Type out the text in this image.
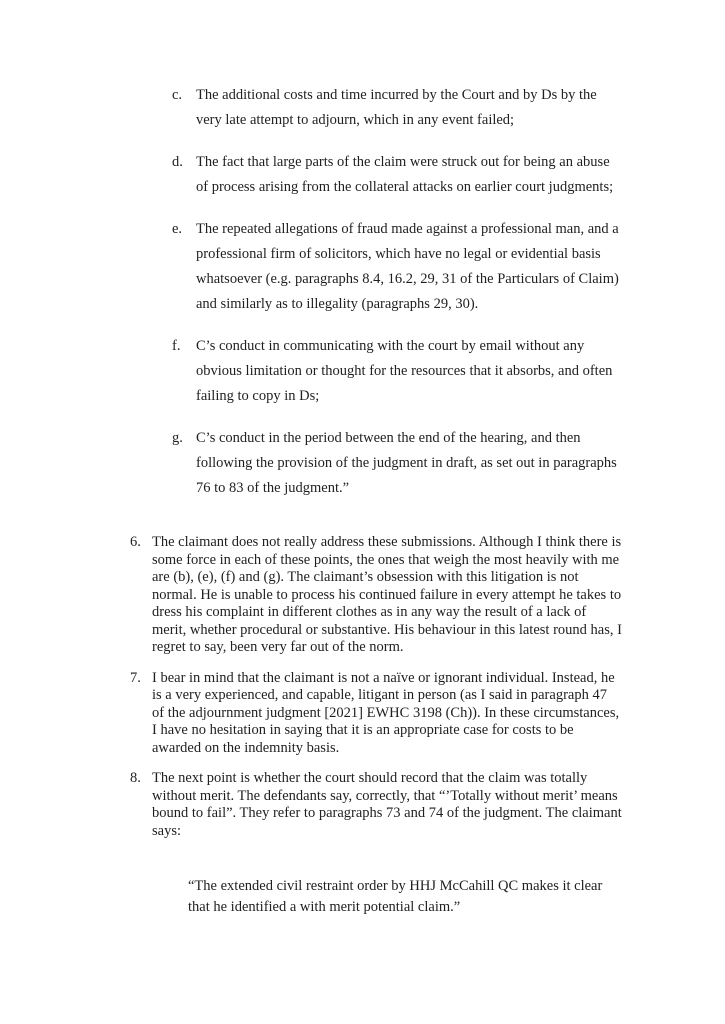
c. The additional costs and time incurred by the Court and by Ds by the very late attempt to adjourn, which in any event failed;
d. The fact that large parts of the claim were struck out for being an abuse of process arising from the collateral attacks on earlier court judgments;
e. The repeated allegations of fraud made against a professional man, and a professional firm of solicitors, which have no legal or evidential basis whatsoever (e.g. paragraphs 8.4, 16.2, 29, 31 of the Particulars of Claim) and similarly as to illegality (paragraphs 29, 30).
f.	C’s conduct in communicating with the court by email without any obvious limitation or thought for the resources that it absorbs, and often failing to copy in Ds;
g. C’s conduct in the period between the end of the hearing, and then following the provision of the judgment in draft, as set out in paragraphs 76 to 83 of the judgment.”
6. The claimant does not really address these submissions. Although I think there is some force in each of these points, the ones that weigh the most heavily with me are (b), (e), (f) and (g). The claimant’s obsession with this litigation is not normal. He is unable to process his continued failure in every attempt he takes to dress his complaint in different clothes as in any way the result of a lack of merit, whether procedural or substantive. His behaviour in this latest round has, I regret to say, been very far out of the norm.
7. I bear in mind that the claimant is not a naïve or ignorant individual. Instead, he is a very experienced, and capable, litigant in person (as I said in paragraph 47 of the adjournment judgment [2021] EWHC 3198 (Ch)). In these circumstances, I have no hesitation in saying that it is an appropriate case for costs to be awarded on the indemnity basis.
8. The next point is whether the court should record that the claim was totally without merit. The defendants say, correctly, that “’Totally without merit’ means bound to fail”. They refer to paragraphs 73 and 74 of the judgment. The claimant says:
“The extended civil restraint order by HHJ McCahill QC makes it clear that he identified a with merit potential claim.”
